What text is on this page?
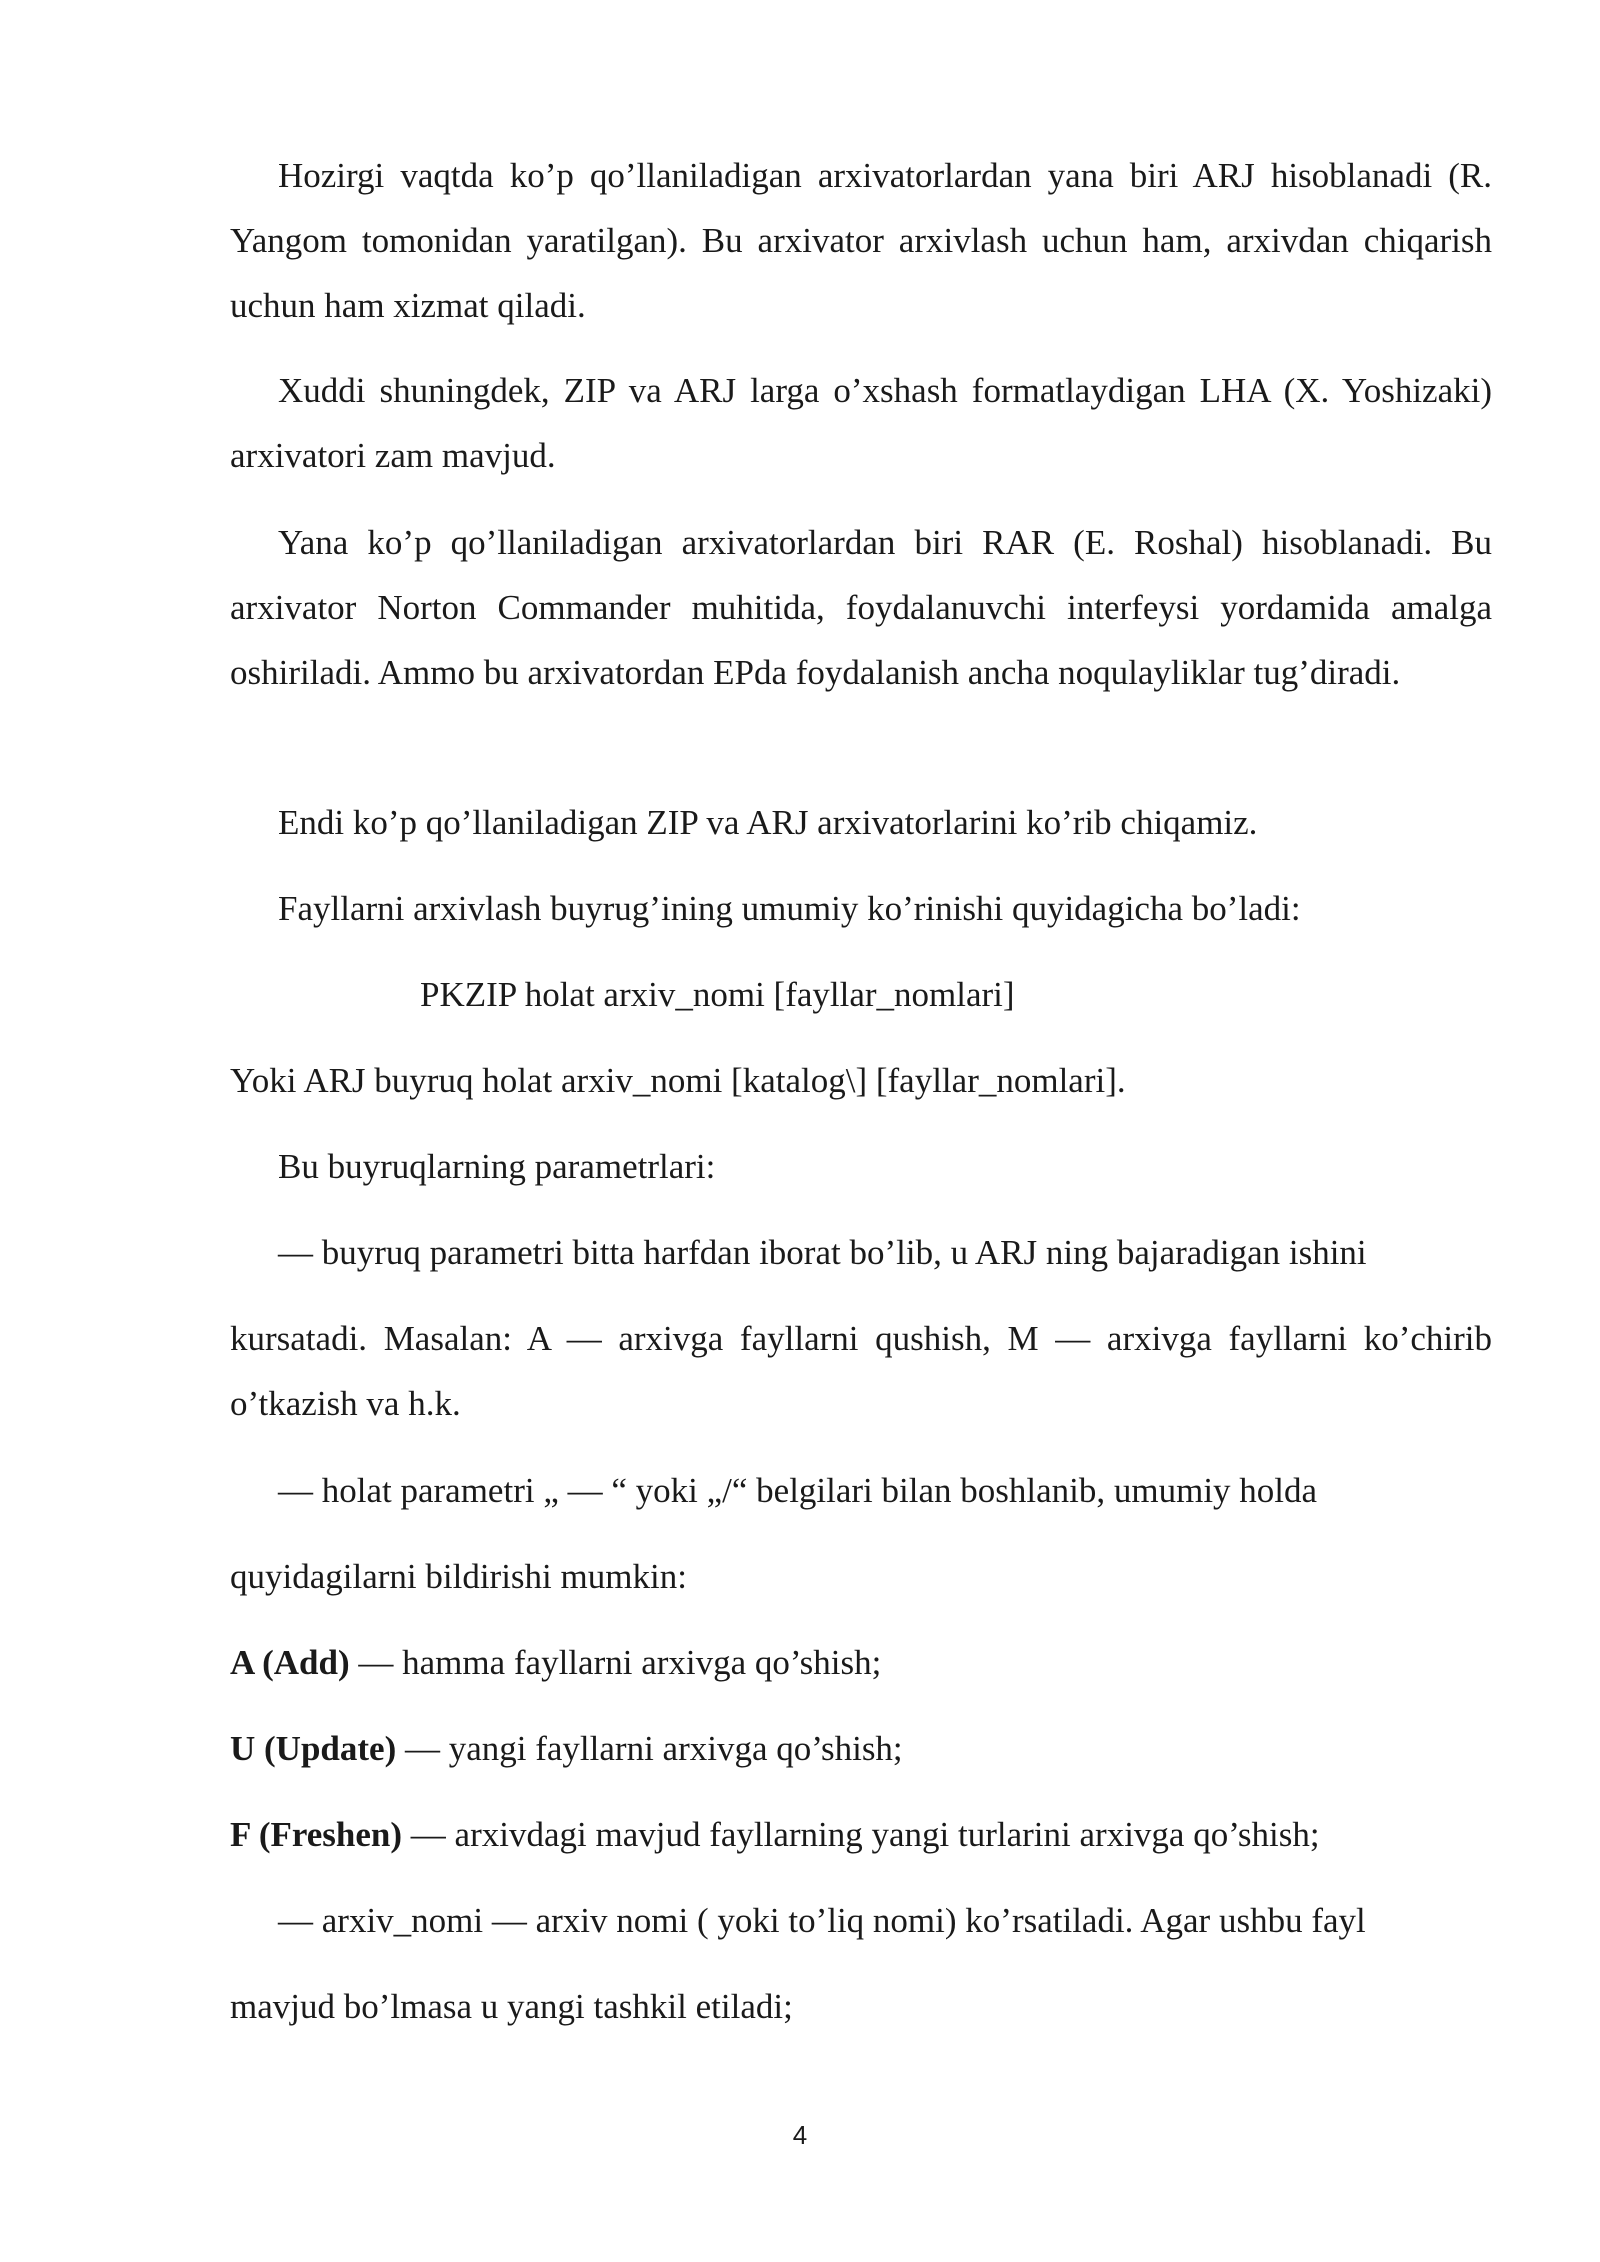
Hozirgi vaqtda ko’p qo’llaniladigan arxivatorlardan yana biri ARJ hisoblanadi (R. Yangom tomonidan yaratilgan). Bu arxivator arxivlash uchun ham, arxivdan chiqarish uchun ham xizmat qiladi.

Xuddi shuningdek, ZIP va ARJ larga o’xshash formatlaydigan LHA (X. Yoshizaki) arxivatori zam mavjud.

Yana ko’p qo’llaniladigan arxivatorlardan biri RAR (E. Roshal) hisoblanadi. Bu arxivator Norton Commander muhitida, foydalanuvchi interfeysi yordamida amalga oshiriladi. Ammo bu arxivatordan EPda foydalanish ancha noqulayliklar tug’diradi.

Endi ko’p qo’llaniladigan ZIP va ARJ arxivatorlarini ko’rib chiqamiz.

Fayllarni arxivlash buyrug’ining umumiy ko’rinishi quyidagicha bo’ladi:

PKZIP holat arxiv_nomi [fayllar_nomlari]

Yoki ARJ buyruq holat arxiv_nomi [katalog\] [fayllar_nomlari].

Bu buyruqlarning parametrlari:

— buyruq parametri bitta harfdan iborat bo’lib, u ARJ ning bajaradigan ishini

kursatadi. Masalan: A — arxivga fayllarni qushish, M — arxivga fayllarni ko’chirib o’tkazish va h.k.

— holat parametri „ — “ yoki „/“ belgilari bilan boshlanib, umumiy holda

quyidagilarni bildirishi mumkin:

A (Add) — hamma fayllarni arxivga qo’shish;

U (Update) — yangi fayllarni arxivga qo’shish;

F (Freshen) — arxivdagi mavjud fayllarning yangi turlarini arxivga qo’shish;

— arxiv_nomi — arxiv nomi ( yoki to’liq nomi) ko’rsatiladi. Agar ushbu fayl

mavjud bo’lmasa u yangi tashkil etiladi;

4
